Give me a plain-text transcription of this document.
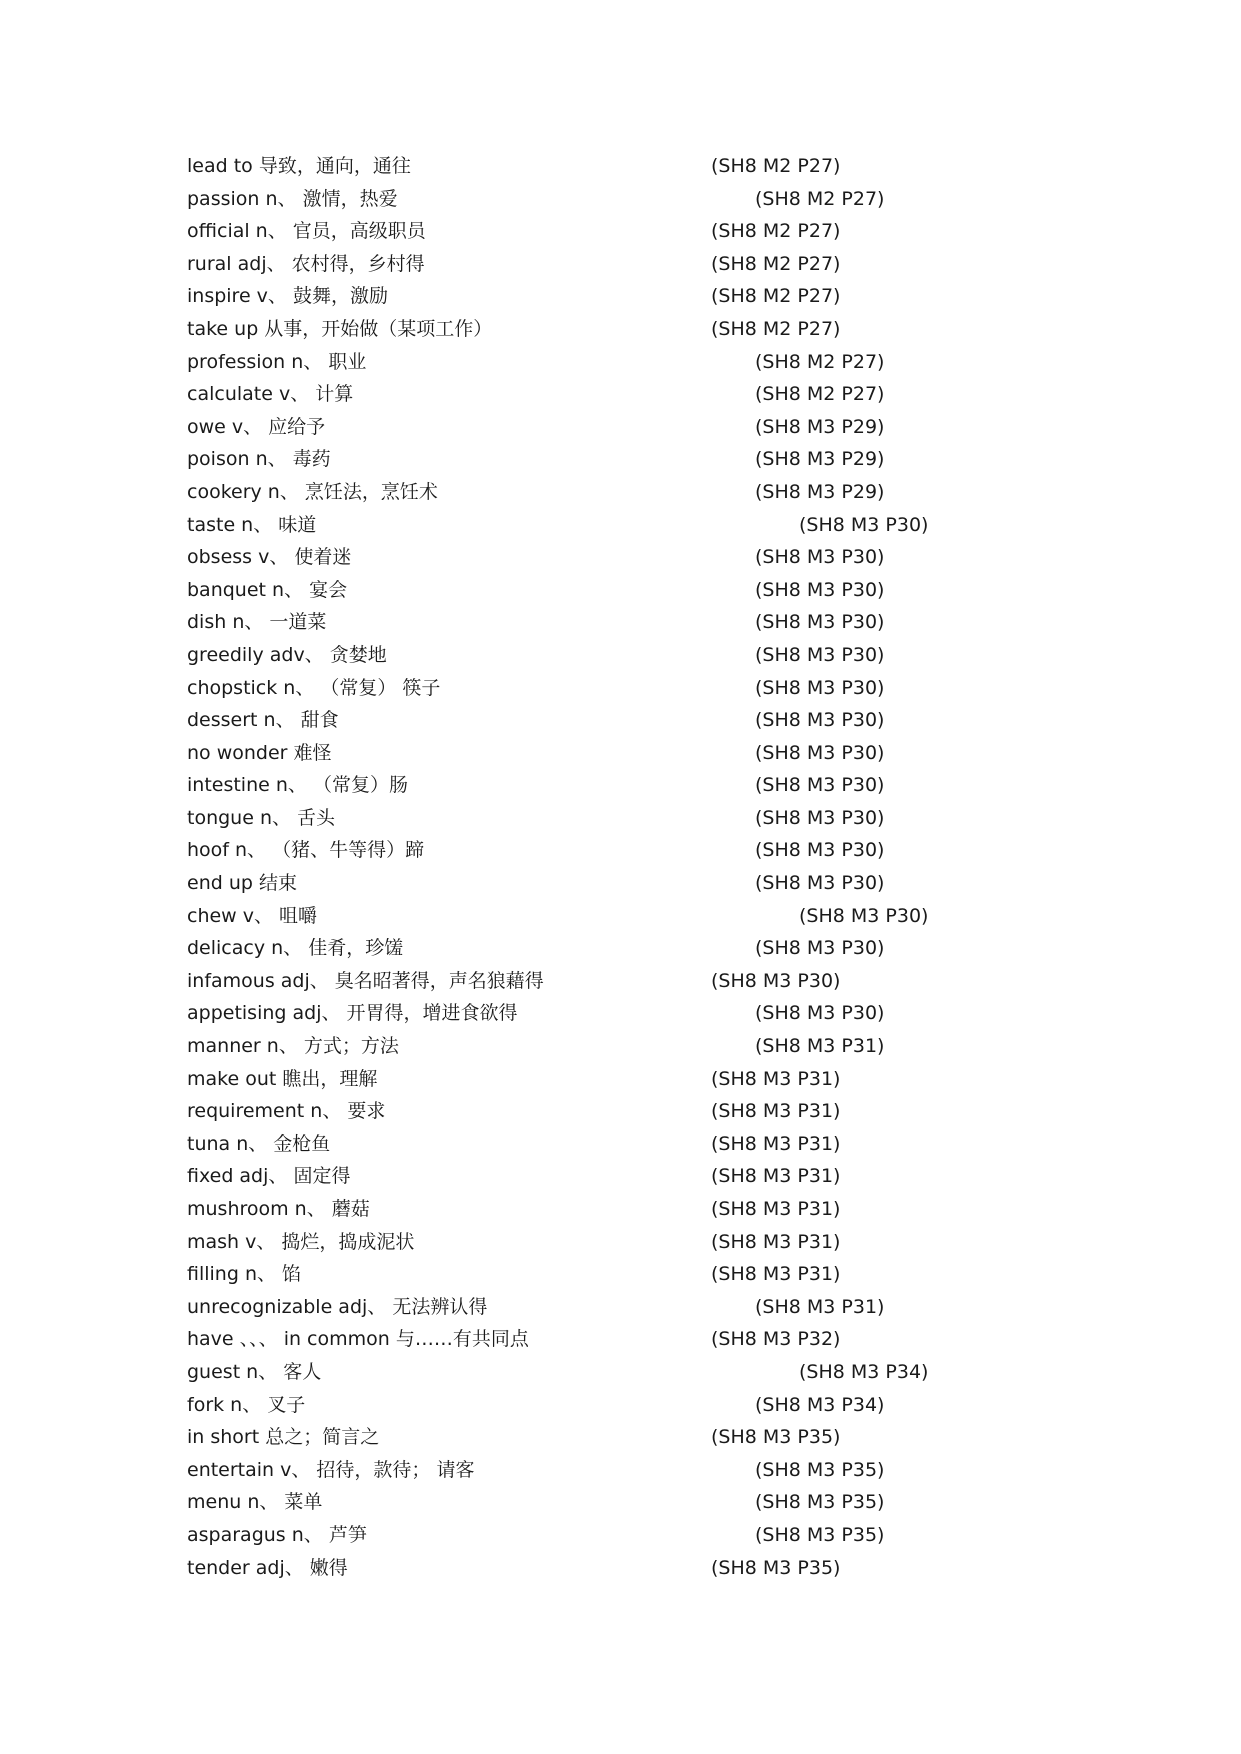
lead to 导致，通向，通往	(SH8 M2 P27)
passion n、 激情，热爱	(SH8 M2 P27)
official n、 官员，高级职员	(SH8 M2 P27)
rural adj、 农村得，乡村得	(SH8 M2 P27)
inspire v、 鼓舞，激励	(SH8 M2 P27)
take up 从事，开始做（某项工作）	(SH8 M2 P27)
profession n、 职业	(SH8 M2 P27)
calculate v、 计算	(SH8 M2 P27)
owe v、 应给予	(SH8 M3 P29)
poison n、 毒药	(SH8 M3 P29)
cookery n、 烹饪法，烹饪术	(SH8 M3 P29)
taste n、 味道	(SH8 M3 P30)
obsess v、 使着迷	(SH8 M3 P30)
banquet n、 宴会	(SH8 M3 P30)
dish n、 一道菜	(SH8 M3 P30)
greedily adv、 贪婪地	(SH8 M3 P30)
chopstick n、 （常复） 筷子	(SH8 M3 P30)
dessert n、 甜食	(SH8 M3 P30)
no wonder 难怪	(SH8 M3 P30)
intestine n、 （常复）肠	(SH8 M3 P30)
tongue n、 舌头	(SH8 M3 P30)
hoof n、 （猪、牛等得）蹄	(SH8 M3 P30)
end up 结束	(SH8 M3 P30)
chew v、 咀嚼	(SH8 M3 P30)
delicacy n、 佳肴，珍馐	(SH8 M3 P30)
infamous adj、 臭名昭著得，声名狼藉得	(SH8 M3 P30)
appetising adj、 开胃得，增进食欲得	(SH8 M3 P30)
manner n、 方式；方法	(SH8 M3 P31)
make out 瞧出，理解	(SH8 M3 P31)
requirement n、 要求	(SH8 M3 P31)
tuna n、 金枪鱼	(SH8 M3 P31)
fixed adj、 固定得	(SH8 M3 P31)
mushroom n、 蘑菇	(SH8 M3 P31)
mash v、 捣烂，捣成泥状	(SH8 M3 P31)
filling n、 馅	(SH8 M3 P31)
unrecognizable adj、 无法辨认得	(SH8 M3 P31)
have 、、、 in common 与……有共同点	(SH8 M3 P32)
guest n、 客人	(SH8 M3 P34)
fork n、 叉子	(SH8 M3 P34)
in short 总之；简言之	(SH8 M3 P35)
entertain v、 招待，款待； 请客	(SH8 M3 P35)
menu n、 菜单	(SH8 M3 P35)
asparagus n、 芦笋	(SH8 M3 P35)
tender adj、 嫩得	(SH8 M3 P35)
